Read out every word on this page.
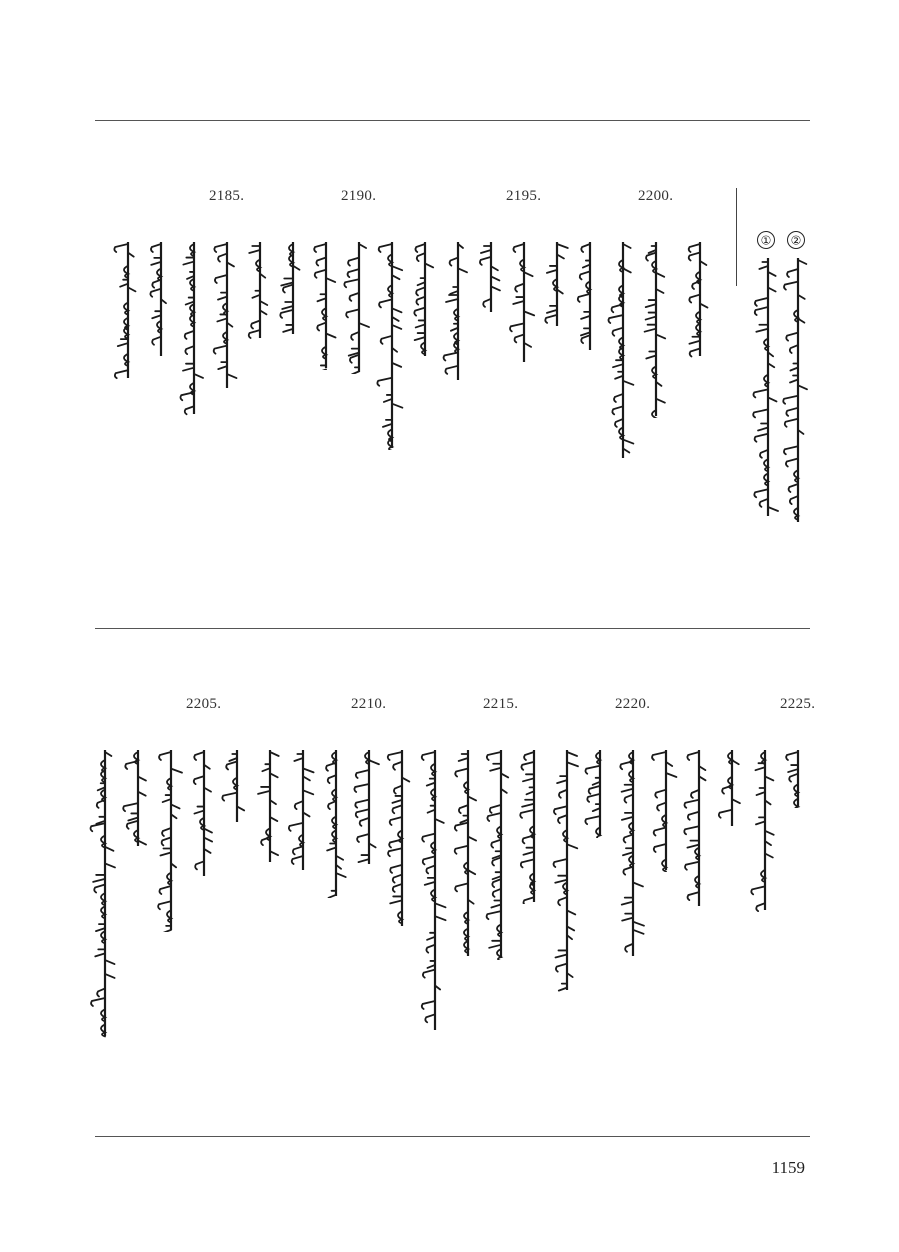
②
①
2200.
2195.
2190.
2185.
2225.
2220.
2215.
2210.
2205.
1159
